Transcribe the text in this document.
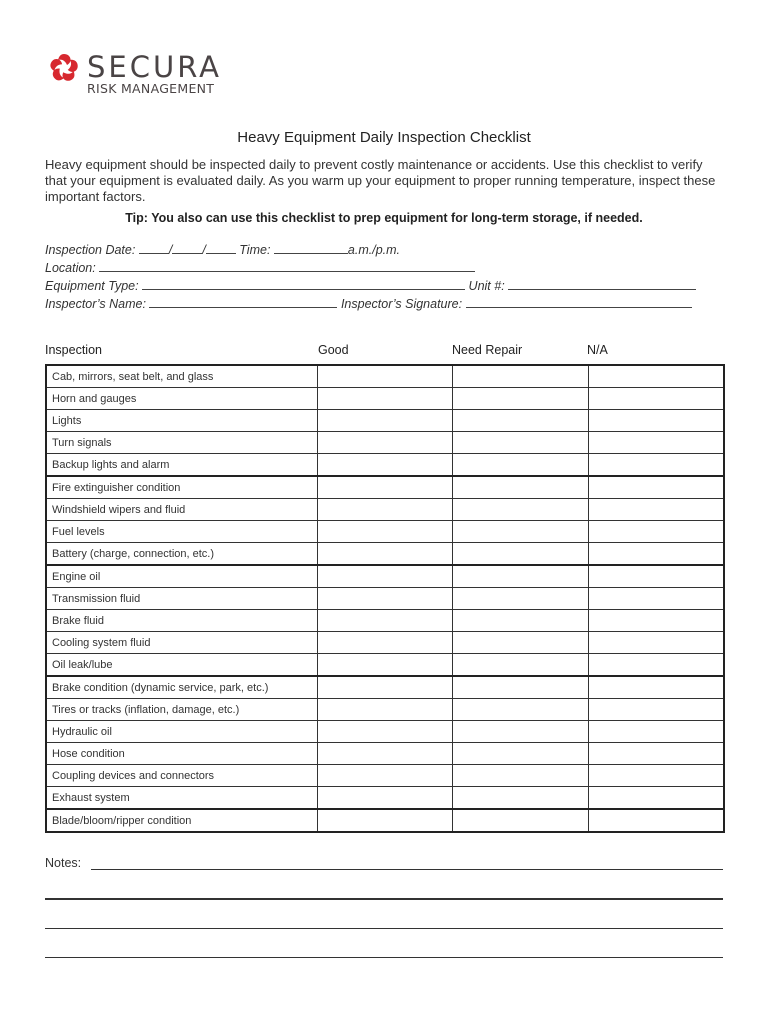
SECURA
RISK MANAGEMENT
Heavy Equipment Daily Inspection Checklist
Heavy equipment should be inspected daily to prevent costly maintenance or accidents. Use this checklist to verify that your equipment is evaluated daily. As you warm up your equipment to proper running temperature, inspect these important factors.
Tip: You also can use this checklist to prep equipment for long-term storage, if needed.
Inspection Date:	/ /	Time:	a.m./p.m.
Location:
Equipment Type:	Unit #:
Inspector’s Name:	Inspector’s Signature:
Inspection	Good	Need Repair	N/A
Cab, mirrors, seat belt, and glass			
Horn and gauges			
Lights			
Turn signals			
Backup lights and alarm			
Fire extinguisher condition			
Windshield wipers and fluid			
Fuel levels			
Battery (charge, connection, etc.)			
Engine oil			
Transmission fluid			
Brake fluid			
Cooling system fluid			
Oil leak/lube			
Brake condition (dynamic service, park, etc.)			
Tires or tracks (inflation, damage, etc.)			
Hydraulic oil			
Hose condition			
Coupling devices and connectors			
Exhaust system			
Blade/bloom/ripper condition			
Notes:
